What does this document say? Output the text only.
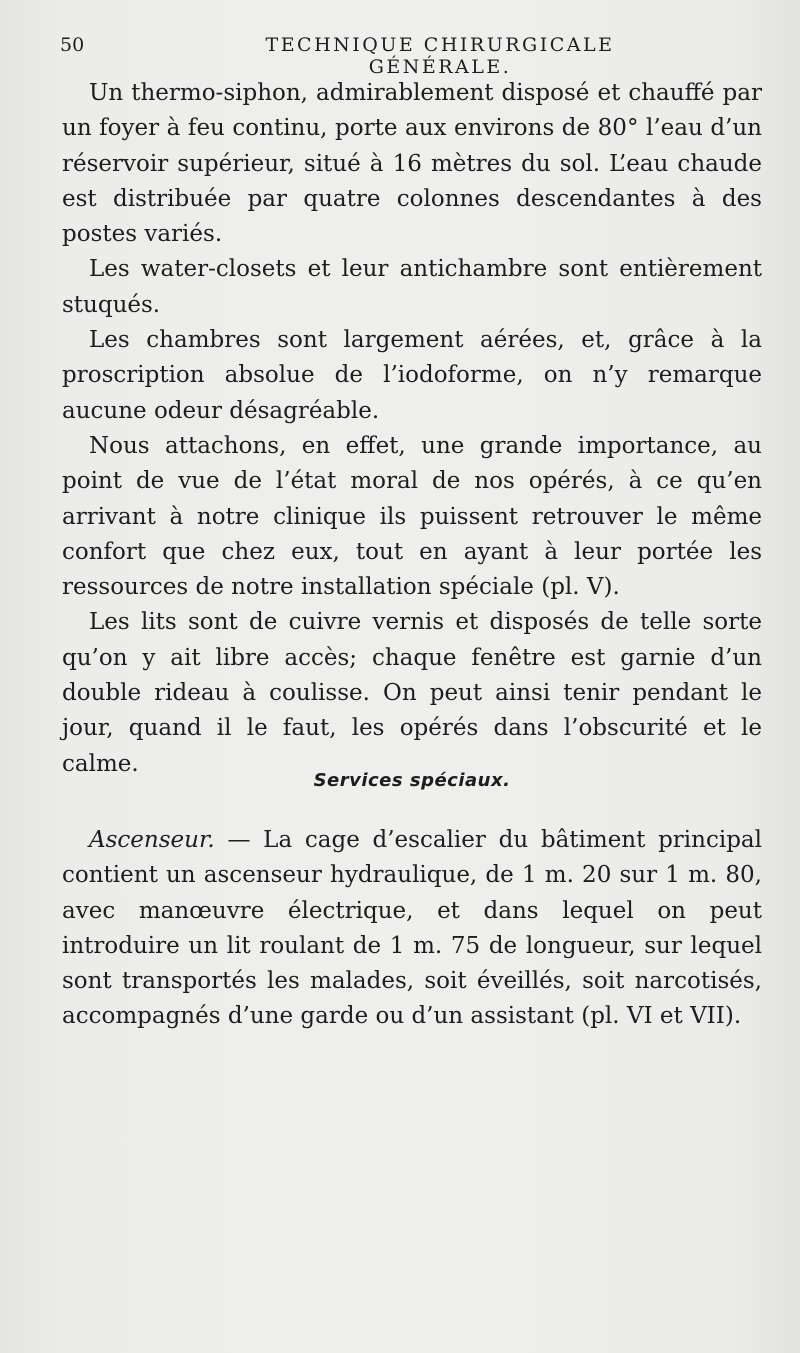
50	TECHNIQUE CHIRURGICALE GÉNÉRALE.

Un thermo-siphon, admirablement disposé et chauffé par un foyer à feu continu, porte aux environs de 80° l’eau d’un réservoir supérieur, situé à 16 mètres du sol. L’eau chaude est distribuée par quatre colonnes descendantes à des postes variés.

Les water-closets et leur antichambre sont entièrement stuqués.

Les chambres sont largement aérées, et, grâce à la proscription absolue de l’iodoforme, on n’y remarque aucune odeur désagréable.

Nous attachons, en effet, une grande importance, au point de vue de l’état moral de nos opérés, à ce qu’en arrivant à notre clinique ils puissent retrouver le même confort que chez eux, tout en ayant à leur portée les ressources de notre installation spéciale (pl. V).

Les lits sont de cuivre vernis et disposés de telle sorte qu’on y ait libre accès; chaque fenêtre est garnie d’un double rideau à coulisse. On peut ainsi tenir pendant le jour, quand il le faut, les opérés dans l’obscurité et le calme.

Services spéciaux.

Ascenseur. — La cage d’escalier du bâtiment principal contient un ascenseur hydraulique, de 1 m. 20 sur 1 m. 80, avec manœuvre électrique, et dans lequel on peut introduire un lit roulant de 1 m. 75 de longueur, sur lequel sont transportés les malades, soit éveillés, soit narcotisés, accompagnés d’une garde ou d’un assistant (pl. VI et VII).
